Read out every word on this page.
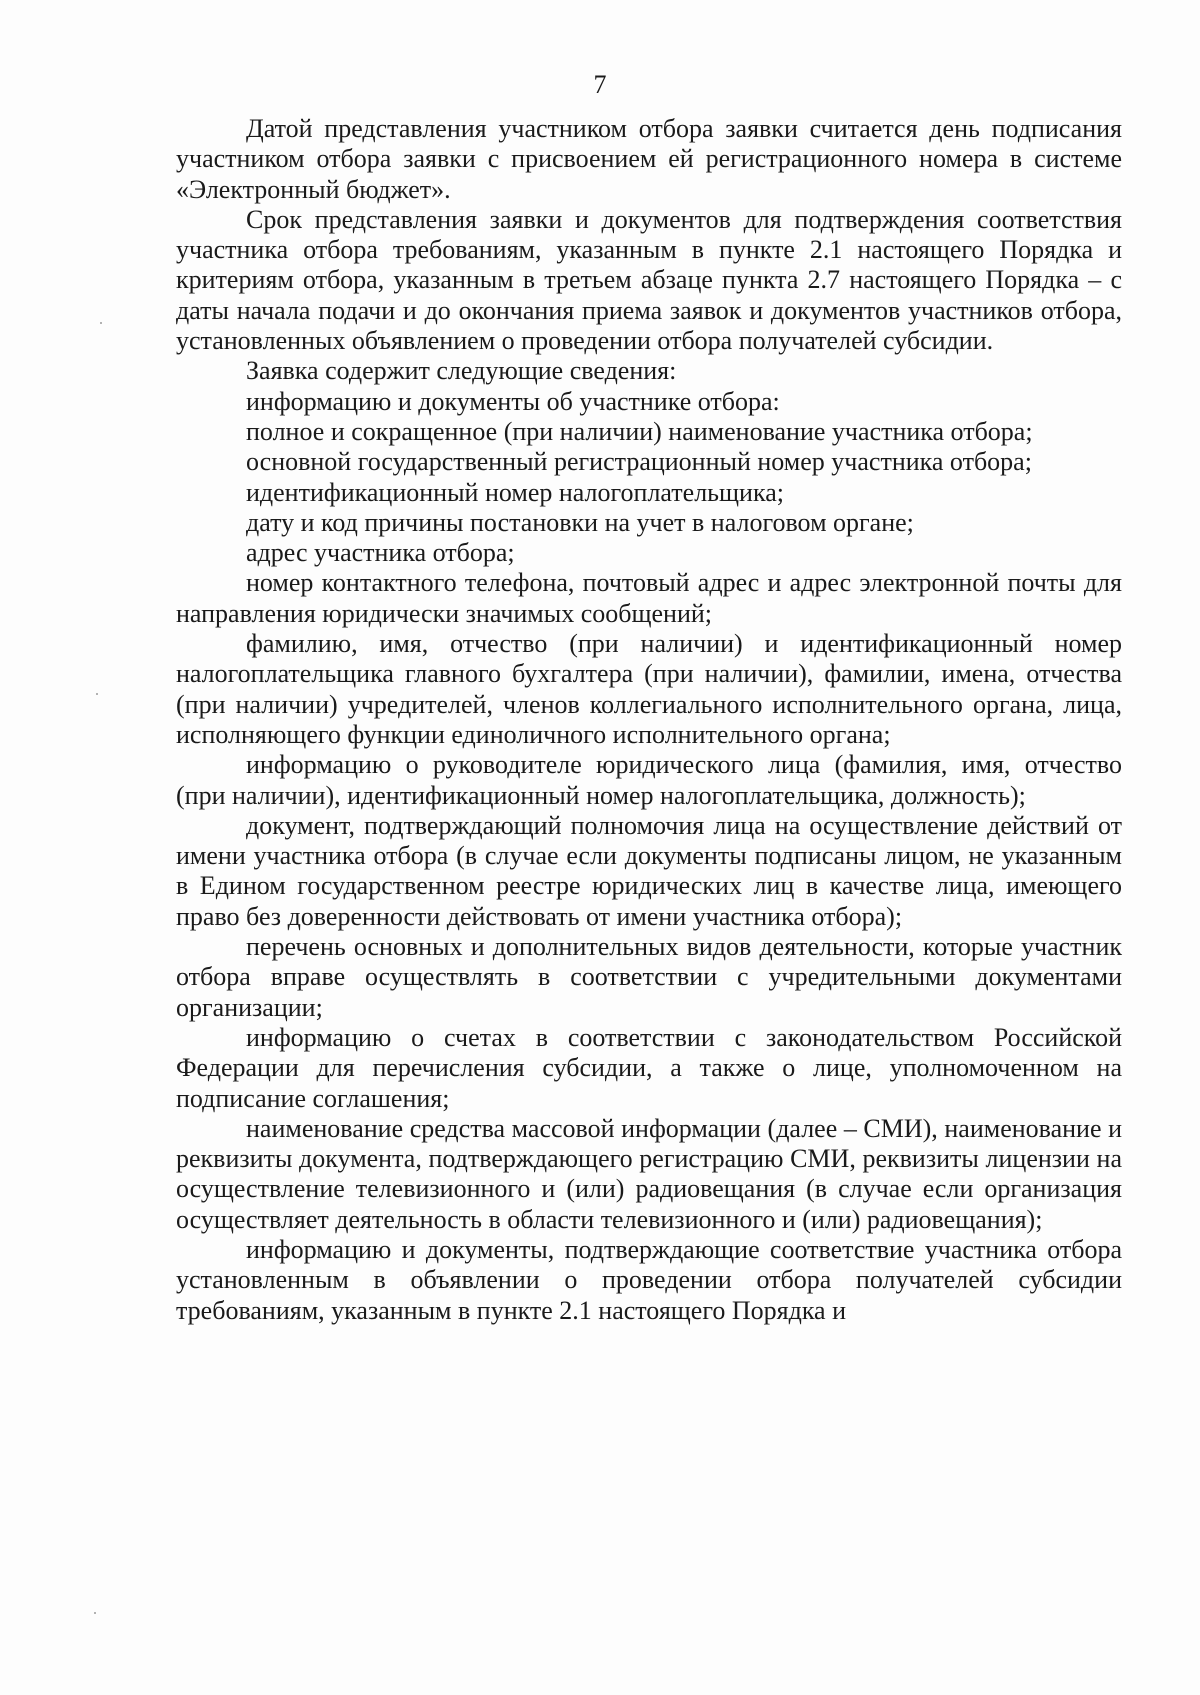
7

Датой представления участником отбора заявки считается день подписания участником отбора заявки с присвоением ей регистрационного номера в системе «Электронный бюджет».

Срок представления заявки и документов для подтверждения соответствия участника отбора требованиям, указанным в пункте 2.1 настоящего Порядка и критериям отбора, указанным в третьем абзаце пункта 2.7 настоящего Порядка – с даты начала подачи и до окончания приема заявок и документов участников отбора, установленных объявлением о проведении отбора получателей субсидии.

Заявка содержит следующие сведения:

информацию и документы об участнике отбора:

полное и сокращенное (при наличии) наименование участника отбора;

основной государственный регистрационный номер участника отбора;

идентификационный номер налогоплательщика;

дату и код причины постановки на учет в налоговом органе;

адрес участника отбора;

номер контактного телефона, почтовый адрес и адрес электронной почты для направления юридически значимых сообщений;

фамилию, имя, отчество (при наличии) и идентификационный номер налогоплательщика главного бухгалтера (при наличии), фамилии, имена, отчества (при наличии) учредителей, членов коллегиального исполнительного органа, лица, исполняющего функции единоличного исполнительного органа;

информацию о руководителе юридического лица (фамилия, имя, отчество (при наличии), идентификационный номер налогоплательщика, должность);

документ, подтверждающий полномочия лица на осуществление действий от имени участника отбора (в случае если документы подписаны лицом, не указанным в Едином государственном реестре юридических лиц в качестве лица, имеющего право без доверенности действовать от имени участника отбора);

перечень основных и дополнительных видов деятельности, которые участник отбора вправе осуществлять в соответствии с учредительными документами организации;

информацию о счетах в соответствии с законодательством Российской Федерации для перечисления субсидии, а также о лице, уполномоченном на подписание соглашения;

наименование средства массовой информации (далее – СМИ), наименование и реквизиты документа, подтверждающего регистрацию СМИ, реквизиты лицензии на осуществление телевизионного и (или) радиовещания (в случае если организация осуществляет деятельность в области телевизионного и (или) радиовещания);

информацию и документы, подтверждающие соответствие участника отбора установленным в объявлении о проведении отбора получателей субсидии требованиям, указанным в пункте 2.1 настоящего Порядка и
